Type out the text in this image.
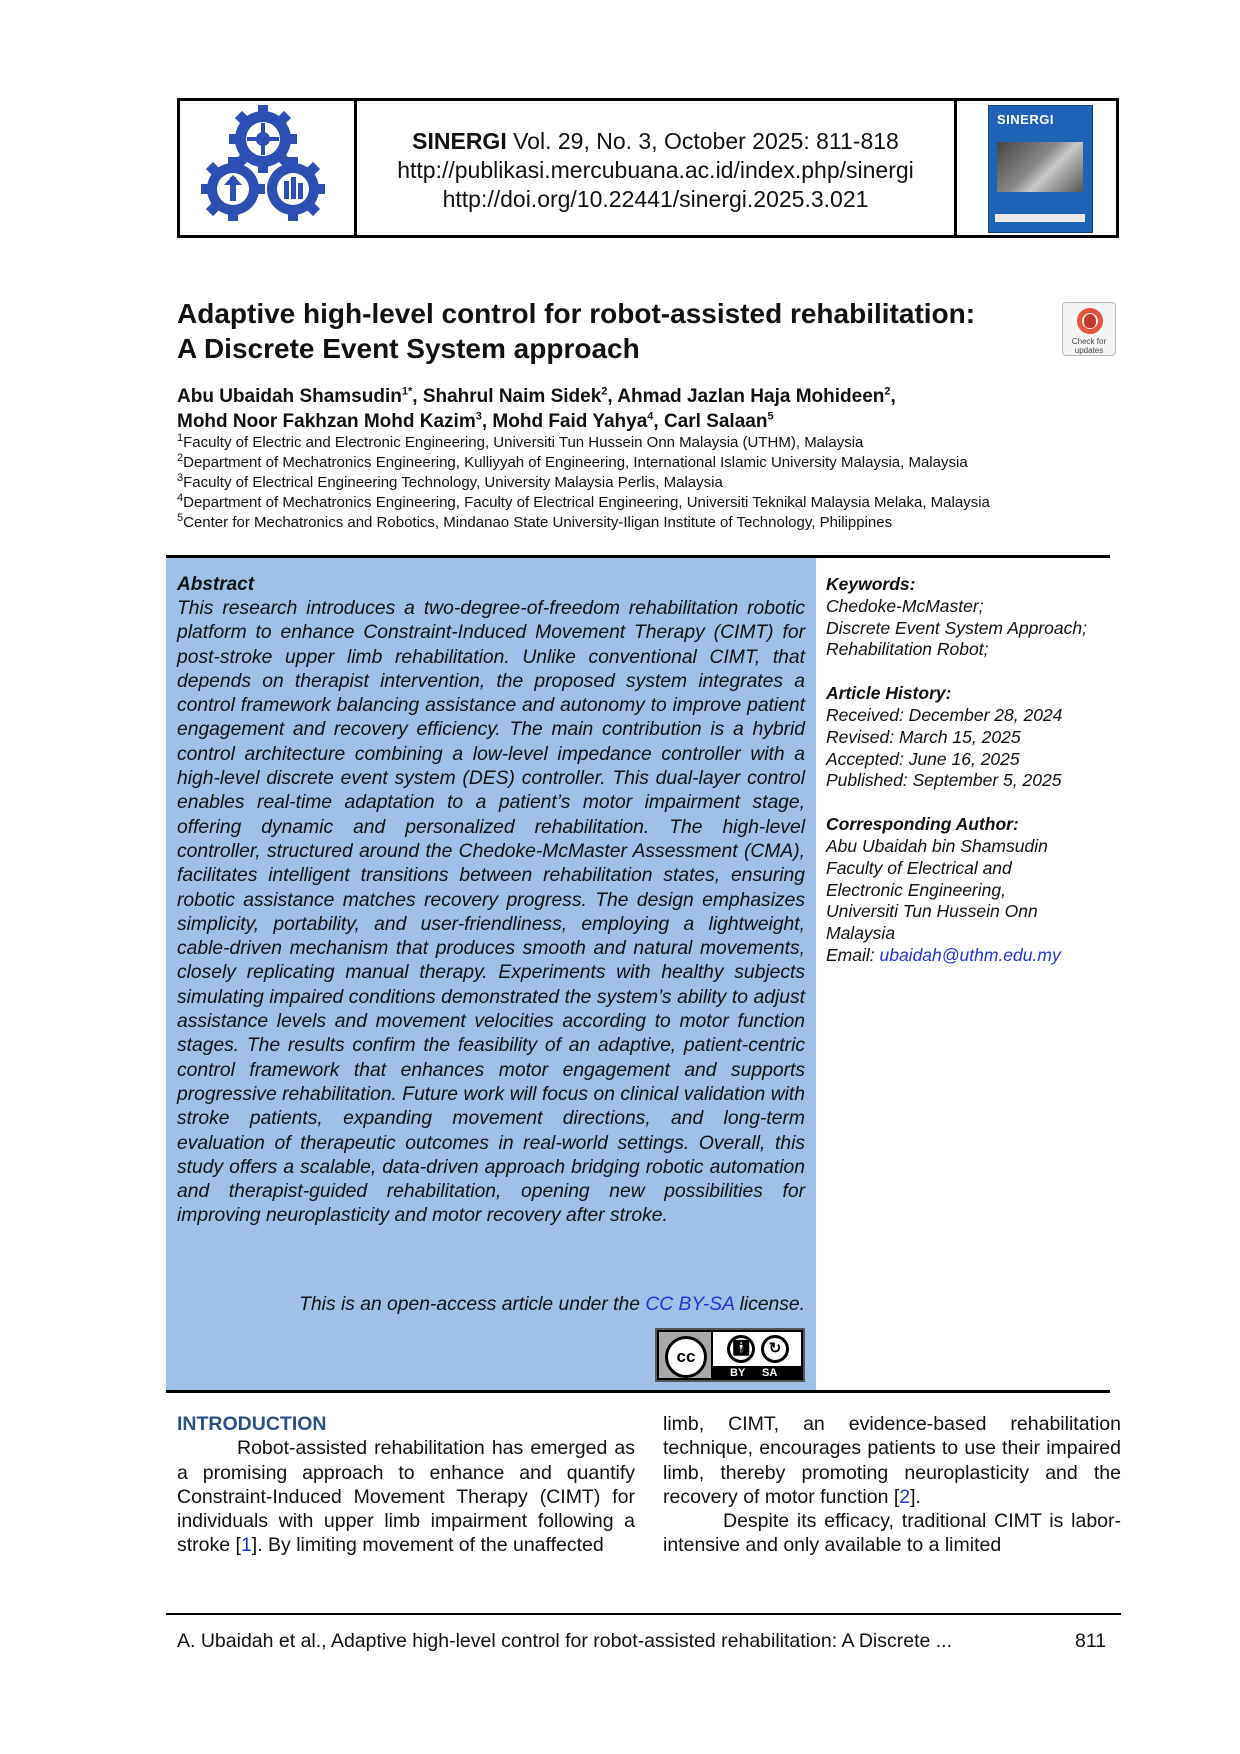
SINERGI Vol. 29, No. 3, October 2025: 811-818
http://publikasi.mercubuana.ac.id/index.php/sinergi
http://doi.org/10.22441/sinergi.2025.3.021
SINERGI
Adaptive high-level control for robot-assisted rehabilitation:
A Discrete Event System approach	Check for updates
Abu Ubaidah Shamsudin$^{1*}$, Shahrul Naim Sidek$^2$, Ahmad Jazlan Haja Mohideen$^2$,
Mohd Noor Fakhzan Mohd Kazim$^3$, Mohd Faid Yahya$^4$, Carl Salaan$^5$
$^1$Faculty of Electric and Electronic Engineering, Universiti Tun Hussein Onn Malaysia (UTHM), Malaysia
$^2$Department of Mechatronics Engineering, Kulliyyah of Engineering, International Islamic University Malaysia, Malaysia
$^3$Faculty of Electrical Engineering Technology, University Malaysia Perlis, Malaysia
$^4$Department of Mechatronics Engineering, Faculty of Electrical Engineering, Universiti Teknikal Malaysia Melaka, Malaysia
$^5$Center for Mechatronics and Robotics, Mindanao State University-Iligan Institute of Technology, Philippines
Abstract
This research introduces a two-degree-of-freedom rehabilitation robotic platform to enhance Constraint-Induced Movement Therapy (CIMT) for post-stroke upper limb rehabilitation. Unlike conventional CIMT, that depends on therapist intervention, the proposed system integrates a control framework balancing assistance and autonomy to improve patient engagement and recovery efficiency. The main contribution is a hybrid control architecture combining a low-level impedance controller with a high-level discrete event system (DES) controller. This dual-layer control enables real-time adaptation to a patient’s motor impairment stage, offering dynamic and personalized rehabilitation. The high-level controller, structured around the Chedoke-McMaster Assessment (CMA), facilitates intelligent transitions between rehabilitation states, ensuring robotic assistance matches recovery progress. The design emphasizes simplicity, portability, and user-friendliness, employing a lightweight, cable-driven mechanism that produces smooth and natural movements, closely replicating manual therapy. Experiments with healthy subjects simulating impaired conditions demonstrated the system’s ability to adjust assistance levels and movement velocities according to motor function stages. The results confirm the feasibility of an adaptive, patient-centric control framework that enhances motor engagement and supports progressive rehabilitation. Future work will focus on clinical validation with stroke patients, expanding movement directions, and long-term evaluation of therapeutic outcomes in real-world settings. Overall, this study offers a scalable, data-driven approach bridging robotic automation and therapist-guided rehabilitation, opening new possibilities for improving neuroplasticity and motor recovery after stroke.
This is an open-access article under the CC BY-SA license.
cc	🚹︎	↻
BY SA
Keywords:
Chedoke-McMaster;
Discrete Event System Approach;
Rehabilitation Robot;
Article History:
Received: December 28, 2024
Revised: March 15, 2025
Accepted: June 16, 2025
Published: September 5, 2025
Corresponding Author:
Abu Ubaidah bin Shamsudin
Faculty of Electrical and Electronic Engineering, Universiti Tun Hussein Onn Malaysia
Email: ubaidah@uthm.edu.my
INTRODUCTION
Robot-assisted rehabilitation has emerged as a promising approach to enhance and quantify Constraint-Induced Movement Therapy (CIMT) for individuals with upper limb impairment following a stroke [1]. By limiting movement of the unaffected
limb, CIMT, an evidence-based rehabilitation technique, encourages patients to use their impaired limb, thereby promoting neuroplasticity and the recovery of motor function [2].
Despite its efficacy, traditional CIMT is labor-intensive and only available to a limited
A. Ubaidah et al., Adaptive high-level control for robot-assisted rehabilitation: A Discrete ...	811
